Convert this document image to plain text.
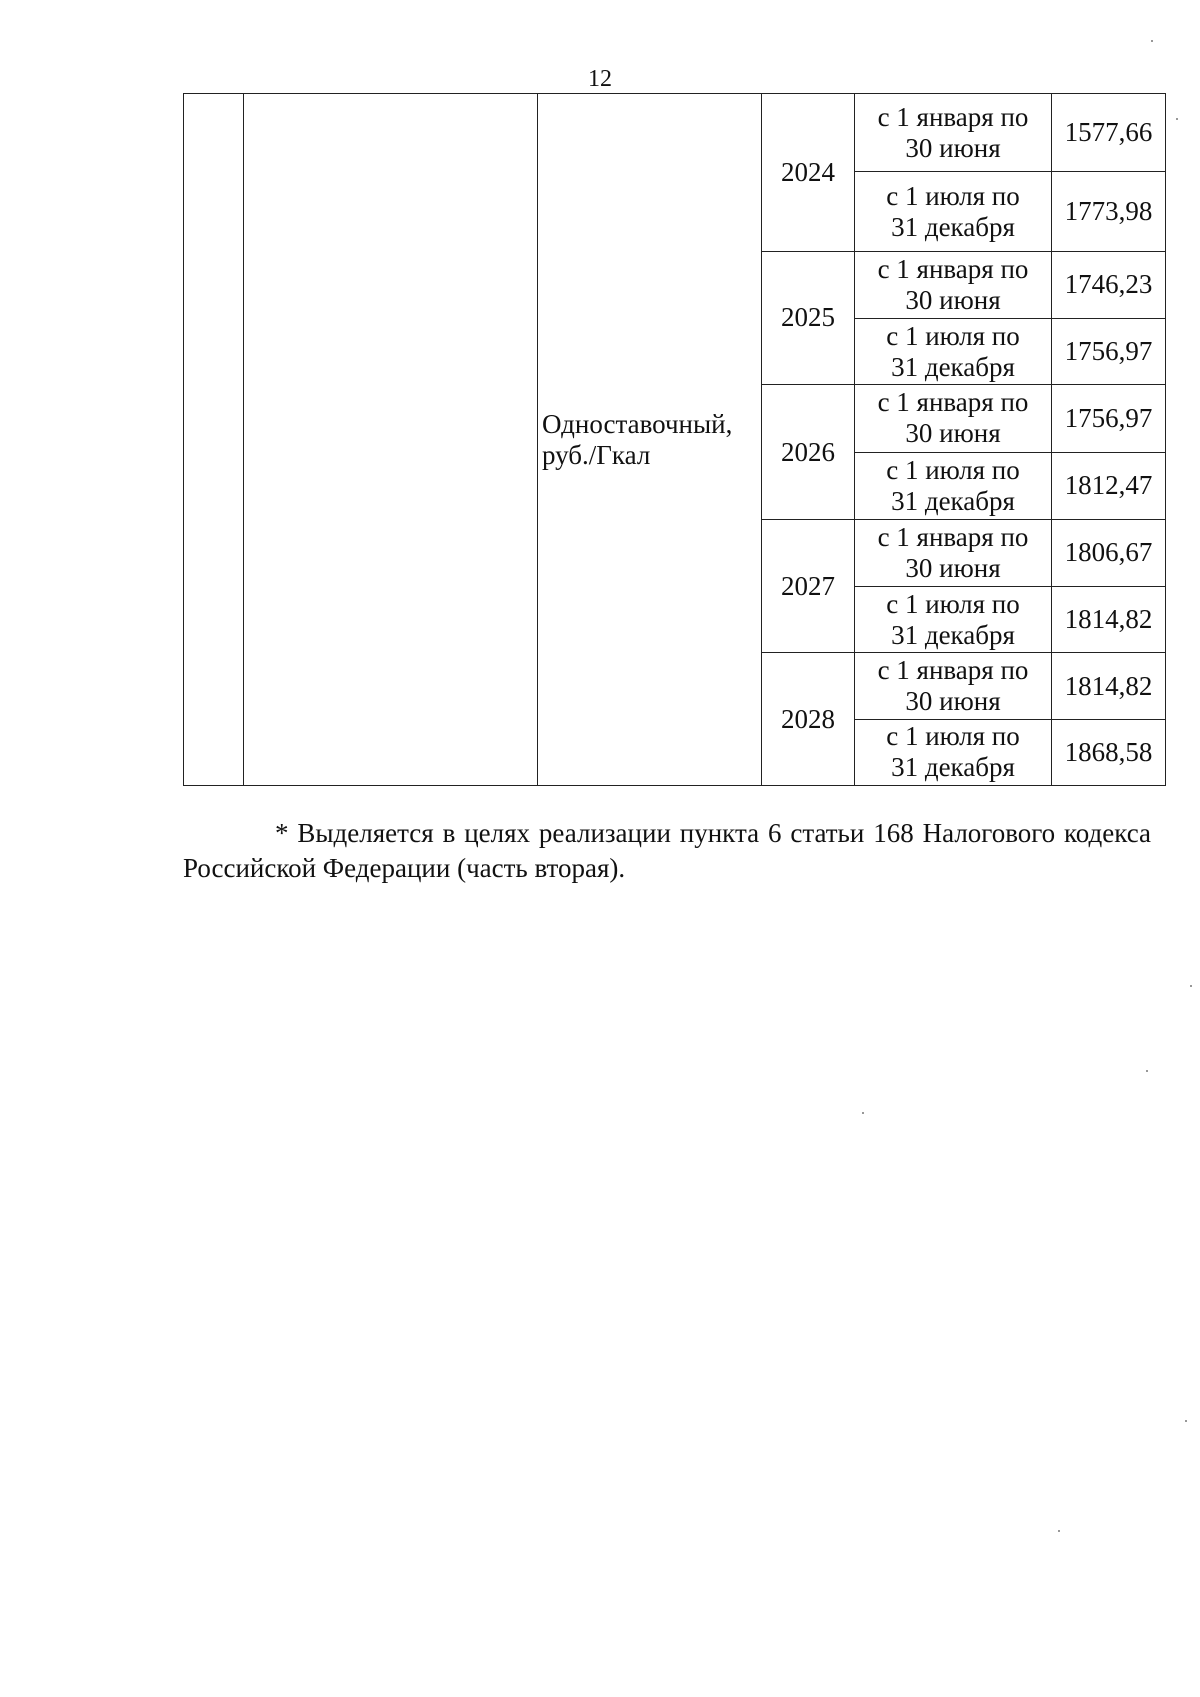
12

		Одноставочный,
руб./Гкал	2024	с 1 января по
30 июня	1577,66

				с 1 июля по
31 декабря	1773,98
			2025	с 1 января по
30 июня	1746,23

				с 1 июля по
31 декабря	1756,97
			2026	с 1 января по
30 июня	1756,97

				с 1 июля по
31 декабря	1812,47
			2027	с 1 января по
30 июня	1806,67

				с 1 июля по
31 декабря	1814,82
			2028	с 1 января по
30 июня	1814,82

				с 1 июля по
31 декабря	1868,58

* Выделяется в целях реализации пункта 6 статьи 168 Налогового кодекса Российской Федерации (часть вторая).
